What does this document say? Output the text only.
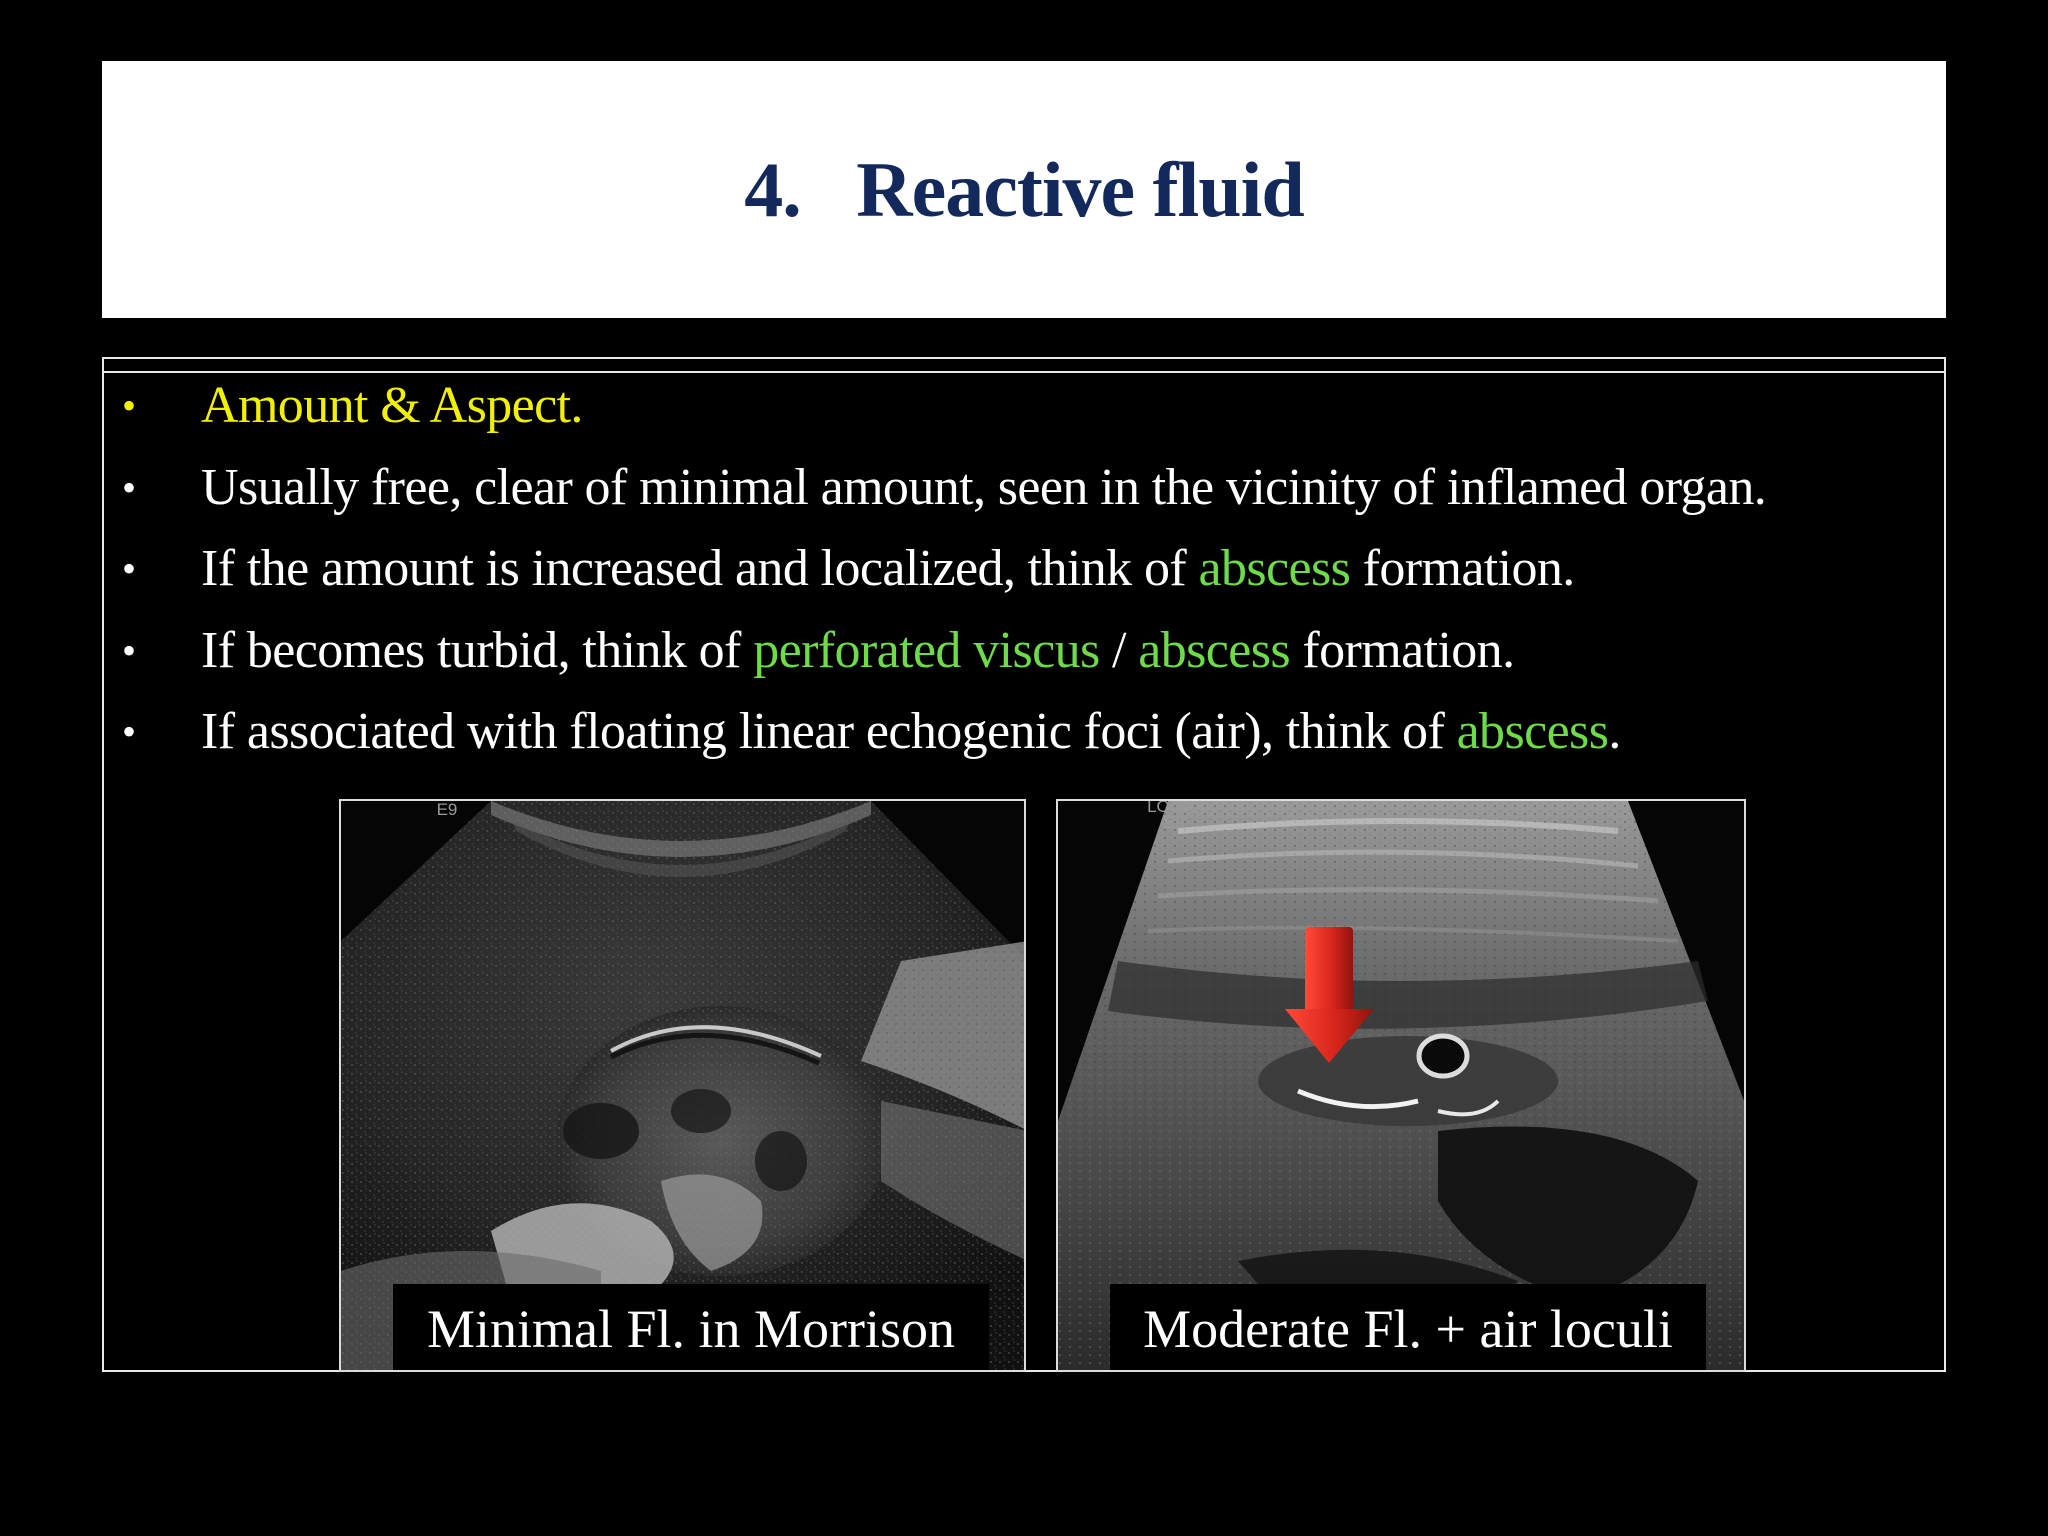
4.   Reactive fluid
• Amount & Aspect.
• Usually free, clear of minimal amount, seen in the vicinity of inflamed organ.
• If the amount is increased and localized, think of abscess formation.
• If becomes turbid, think of perforated viscus / abscess formation.
• If associated with floating linear echogenic foci (air), think of abscess.
E9
Minimal Fl. in Morrison
LOGIQ
E9
Moderate Fl. + air loculi
